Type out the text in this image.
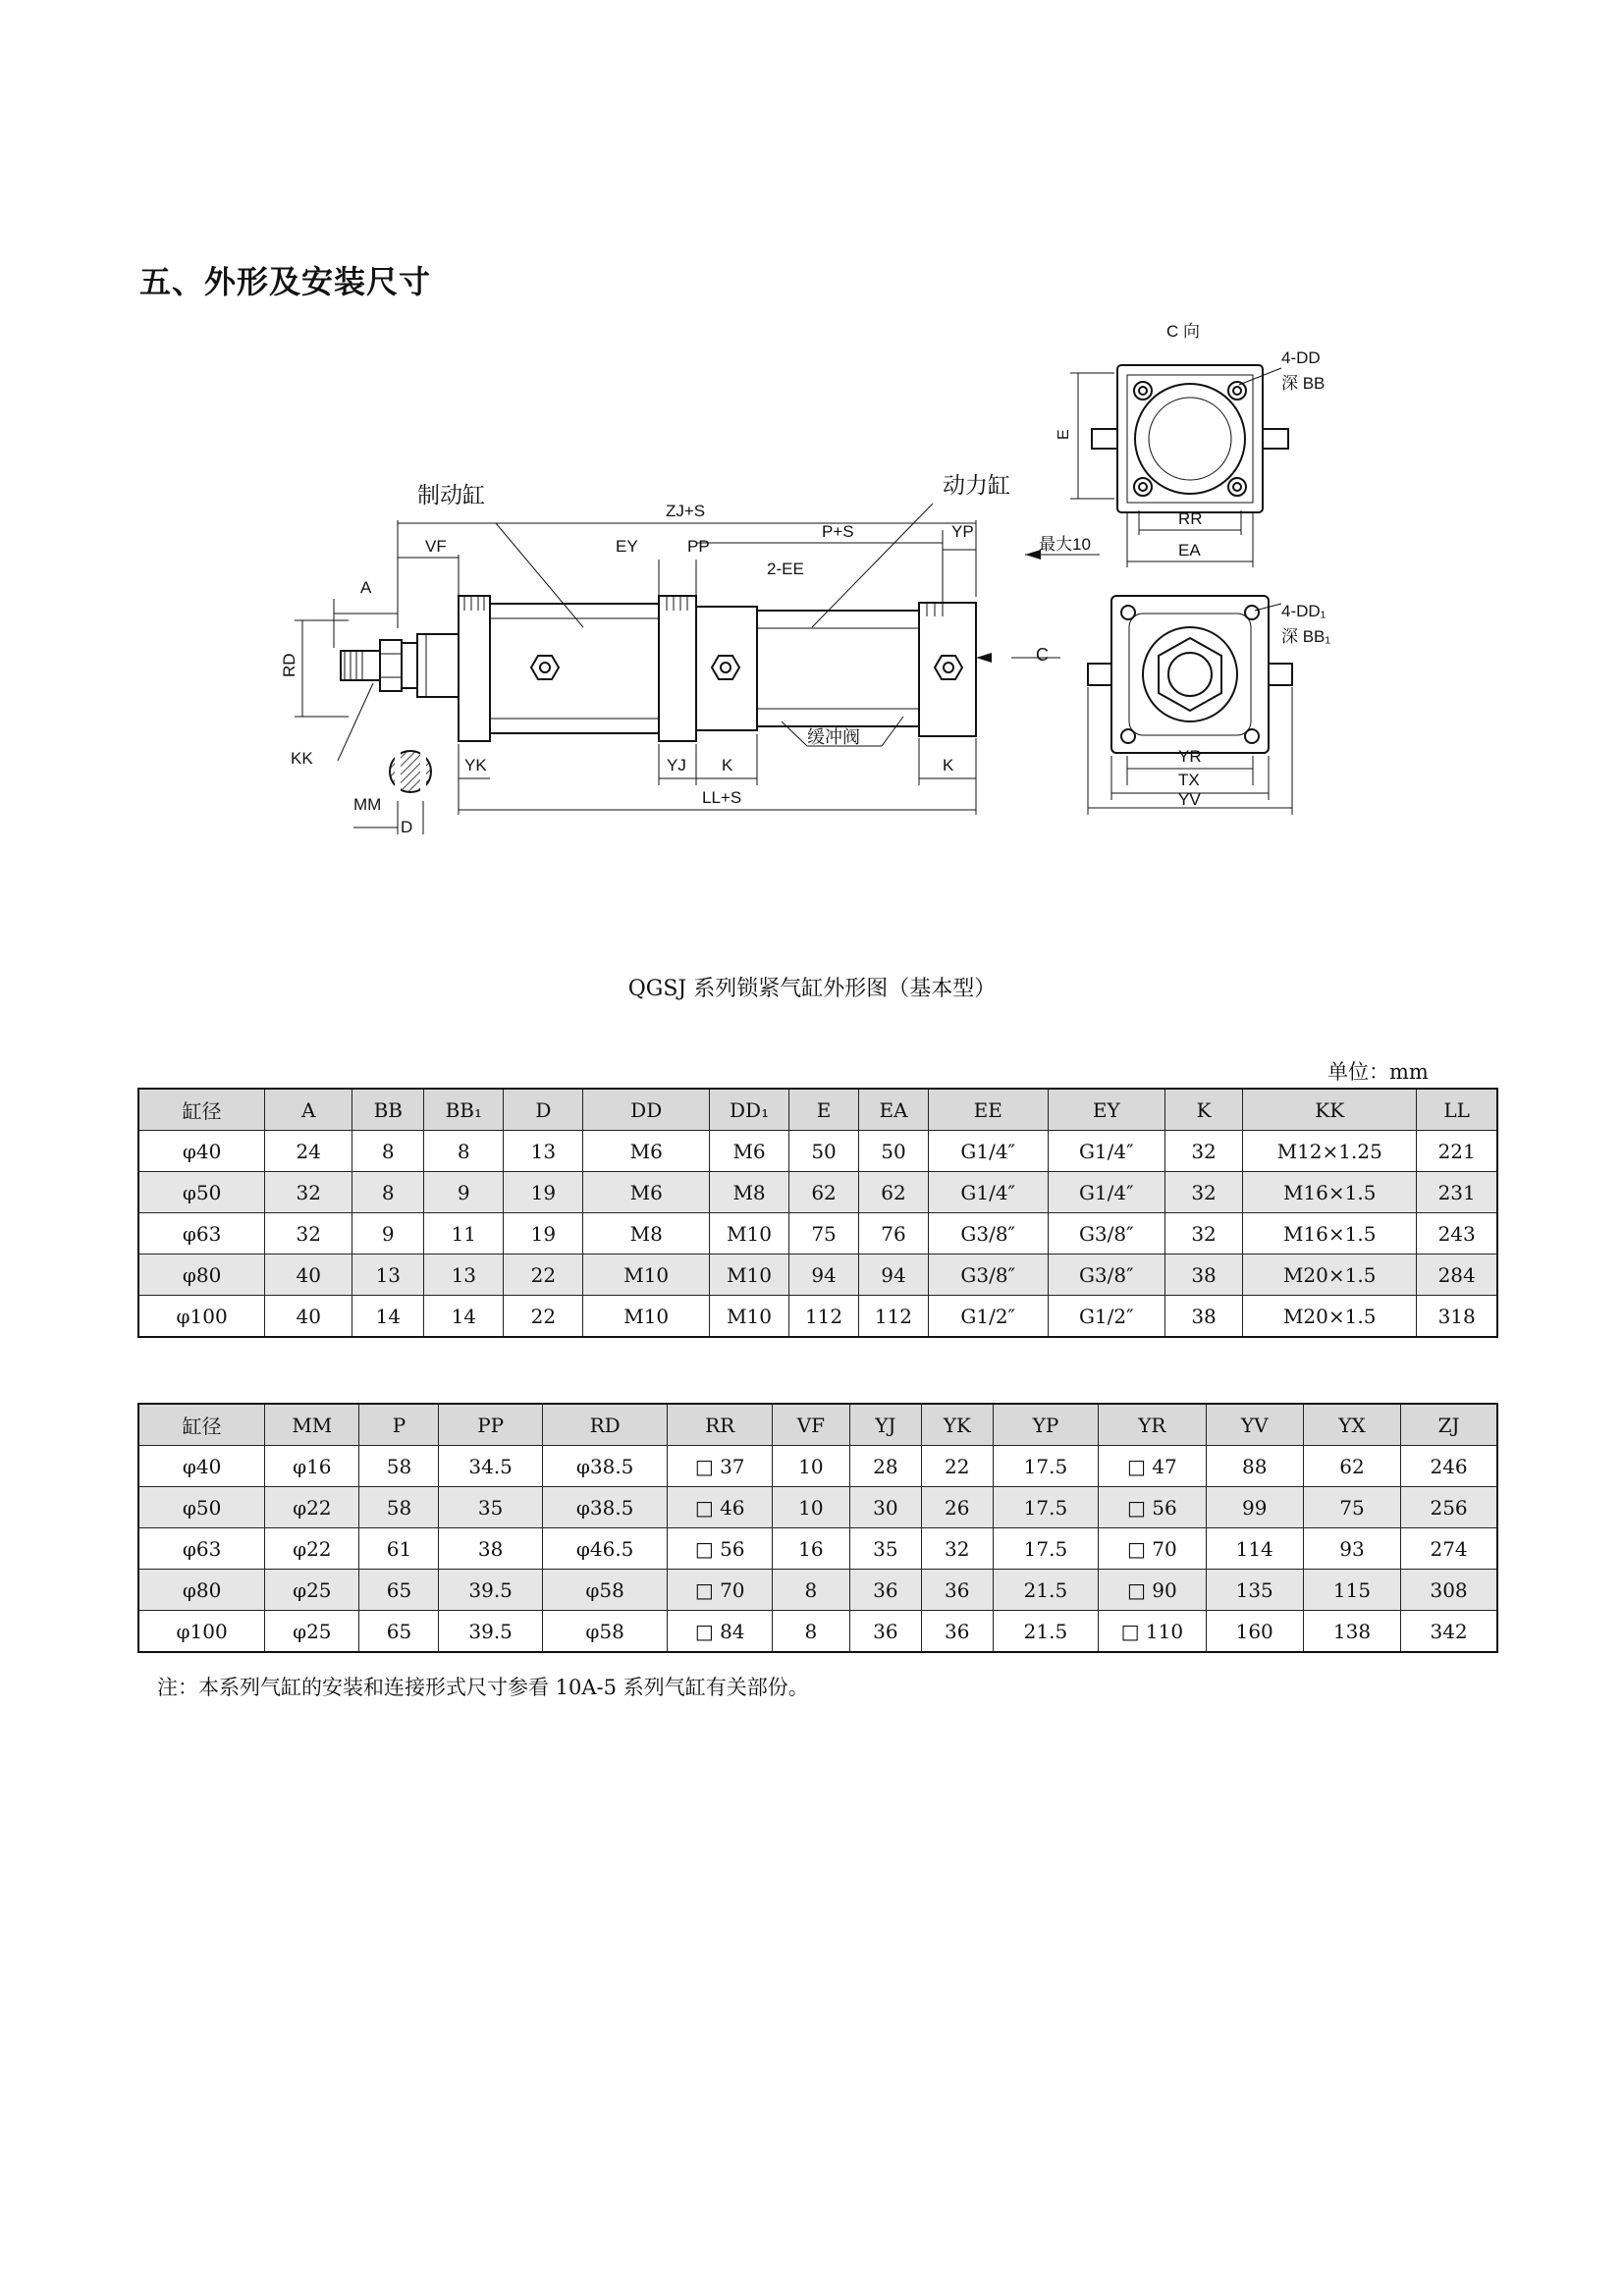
五、外形及安装尺寸
制动缸	动力缸
ZJ+S
P+S	YP
VF	EY	PP
2-EE
A
RD
KK
MM
D
YK	YJ K	K
缓冲阀
LL+S
C
C 向
4-DD
深 BB
E
RR
EA
最大10
4-DD₁
深 BB₁
YR
TX
YV
QGSJ 系列锁紧气缸外形图（基本型）
单位：mm
缸径	A	BB	BB₁	D	DD	DD₁	E	EA	EE	EY	K	KK	LL
φ40	24	8	8	13	M6	M6	50	50	G1/4″	G1/4″	32	M12×1.25	221
φ50	32	8	9	19	M6	M8	62	62	G1/4″	G1/4″	32	M16×1.5	231
φ63	32	9	11	19	M8	M10	75	76	G3/8″	G3/8″	32	M16×1.5	243
φ80	40	13	13	22	M10	M10	94	94	G3/8″	G3/8″	38	M20×1.5	284
φ100	40	14	14	22	M10	M10	112	112	G1/2″	G1/2″	38	M20×1.5	318
缸径	MM	P	PP	RD	RR	VF	YJ	YK	YP	YR	YV	YX	ZJ
φ40	φ16	58	34.5	φ38.5	□ 37	10	28	22	17.5	□ 47	88	62	246
φ50	φ22	58	35	φ38.5	□ 46	10	30	26	17.5	□ 56	99	75	256
φ63	φ22	61	38	φ46.5	□ 56	16	35	32	17.5	□ 70	114	93	274
φ80	φ25	65	39.5	φ58	□ 70	8	36	36	21.5	□ 90	135	115	308
φ100	φ25	65	39.5	φ58	□ 84	8	36	36	21.5	□ 110	160	138	342
注：本系列气缸的安装和连接形式尺寸参看 10A-5 系列气缸有关部份。
